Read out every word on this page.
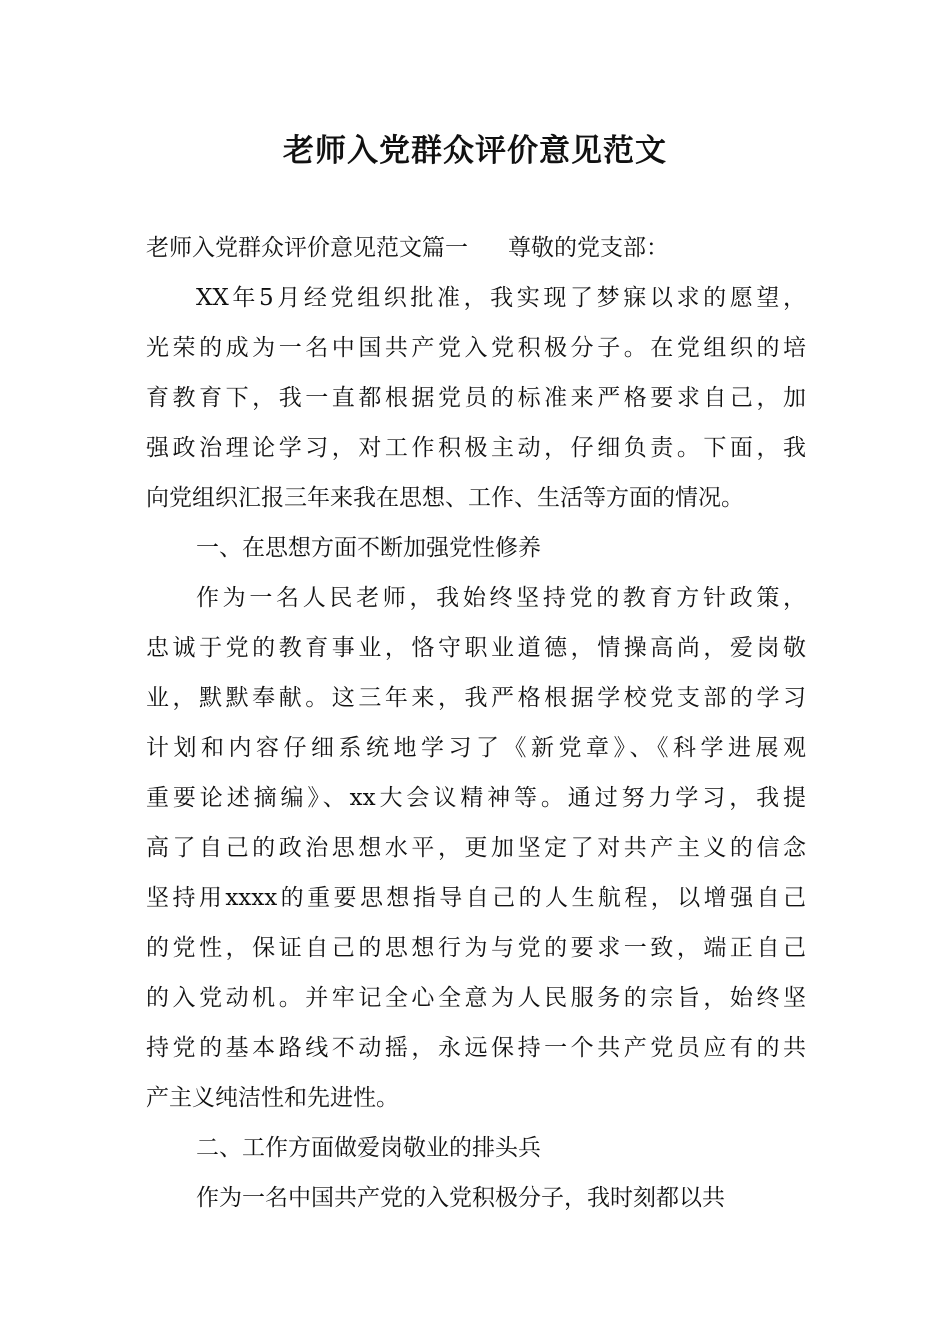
老师入党群众评价意见范文
老师入党群众评价意见范文篇一 尊敬的党支部：
XX年5月经党组织批准，我实现了梦寐以求的愿望，
光荣的成为一名中国共产党入党积极分子。在党组织的培
育教育下，我一直都根据党员的标准来严格要求自己，加
强政治理论学习，对工作积极主动，仔细负责。下面，我
向党组织汇报三年来我在思想、工作、生活等方面的情况。
一、在思想方面不断加强党性修养
作为一名人民老师，我始终坚持党的教育方针政策，
忠诚于党的教育事业，恪守职业道德，情操高尚，爱岗敬
业，默默奉献。这三年来，我严格根据学校党支部的学习
计划和内容仔细系统地学习了《新党章》、《科学进展观
重要论述摘编》、xx大会议精神等。通过努力学习，我提
高了自己的政治思想水平，更加坚定了对共产主义的信念
坚持用xxxx的重要思想指导自己的人生航程，以增强自己
的党性，保证自己的思想行为与党的要求一致，端正自己
的入党动机。并牢记全心全意为人民服务的宗旨，始终坚
持党的基本路线不动摇，永远保持一个共产党员应有的共
产主义纯洁性和先进性。
二、工作方面做爱岗敬业的排头兵
作为一名中国共产党的入党积极分子，我时刻都以共
